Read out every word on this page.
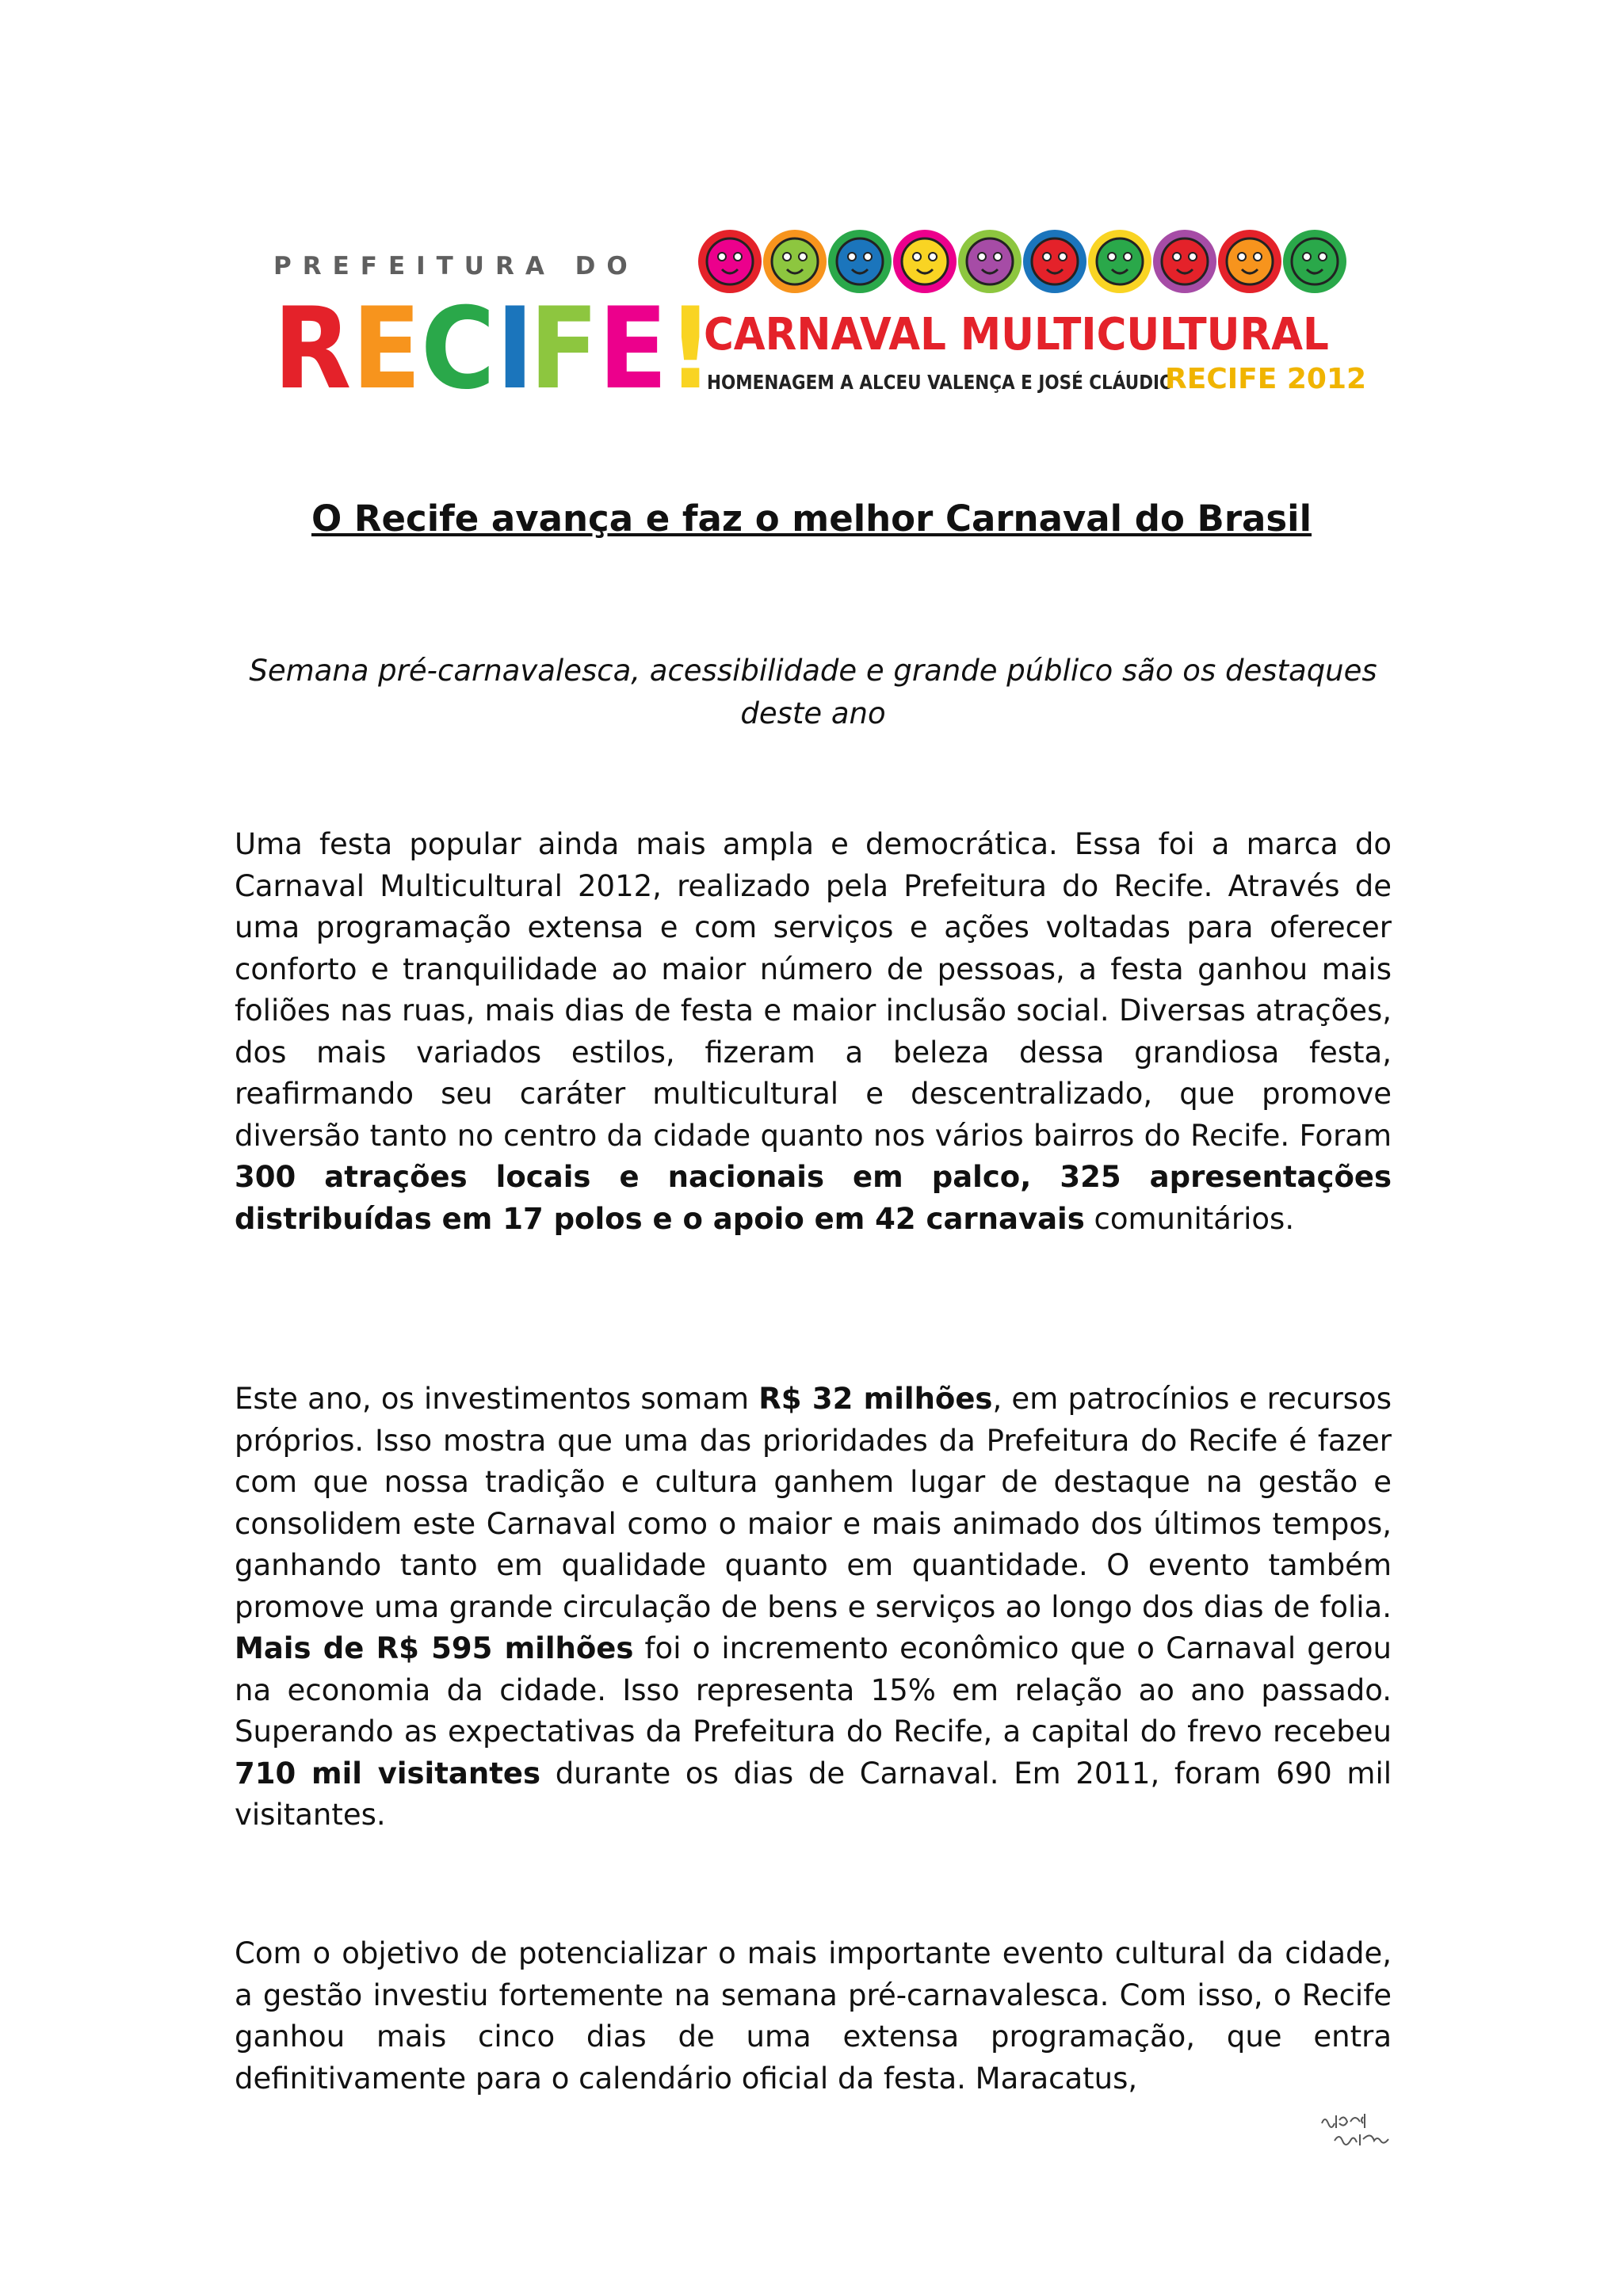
PREFEITURA DO
R E C I F E !
CARNAVAL MULTICULTURAL
HOMENAGEM A ALCEU VALENÇA E JOSÉ CLÁUDIO
RECIFE 2012
O Recife avança e faz o melhor Carnaval do Brasil
Semana pré-carnavalesca, acessibilidade e grande público são os destaques deste ano

Uma festa popular ainda mais ampla e democrática. Essa foi a marca do Carnaval Multicultural 2012, realizado pela Prefeitura do Recife. Através de uma programação extensa e com serviços e ações voltadas para oferecer conforto e tranquilidade ao maior número de pessoas, a festa ganhou mais foliões nas ruas, mais dias de festa e maior inclusão social. Diversas atrações, dos mais variados estilos, fizeram a beleza dessa grandiosa festa, reafirmando seu caráter multicultural e descentralizado, que promove diversão tanto no centro da cidade quanto nos vários bairros do Recife. Foram 300 atrações locais e nacionais em palco, 325 apresentações distribuídas em 17 polos e o apoio em 42 carnavais comunitários.

Este ano, os investimentos somam R$ 32 milhões, em patrocínios e recursos próprios. Isso mostra que uma das prioridades da Prefeitura do Recife é fazer com que nossa tradição e cultura ganhem lugar de destaque na gestão e consolidem este Carnaval como o maior e mais animado dos últimos tempos, ganhando tanto em qualidade quanto em quantidade. O evento também promove uma grande circulação de bens e serviços ao longo dos dias de folia. Mais de R$ 595 milhões foi o incremento econômico que o Carnaval gerou na economia da cidade. Isso representa 15% em relação ao ano passado. Superando as expectativas da Prefeitura do Recife, a capital do frevo recebeu 710 mil visitantes durante os dias de Carnaval. Em 2011, foram 690 mil visitantes.

Com o objetivo de potencializar o mais importante evento cultural da cidade, a gestão investiu fortemente na semana pré-carnavalesca. Com isso, o Recife ganhou mais cinco dias de uma extensa programação, que entra definitivamente para o calendário oficial da festa. Maracatus,
